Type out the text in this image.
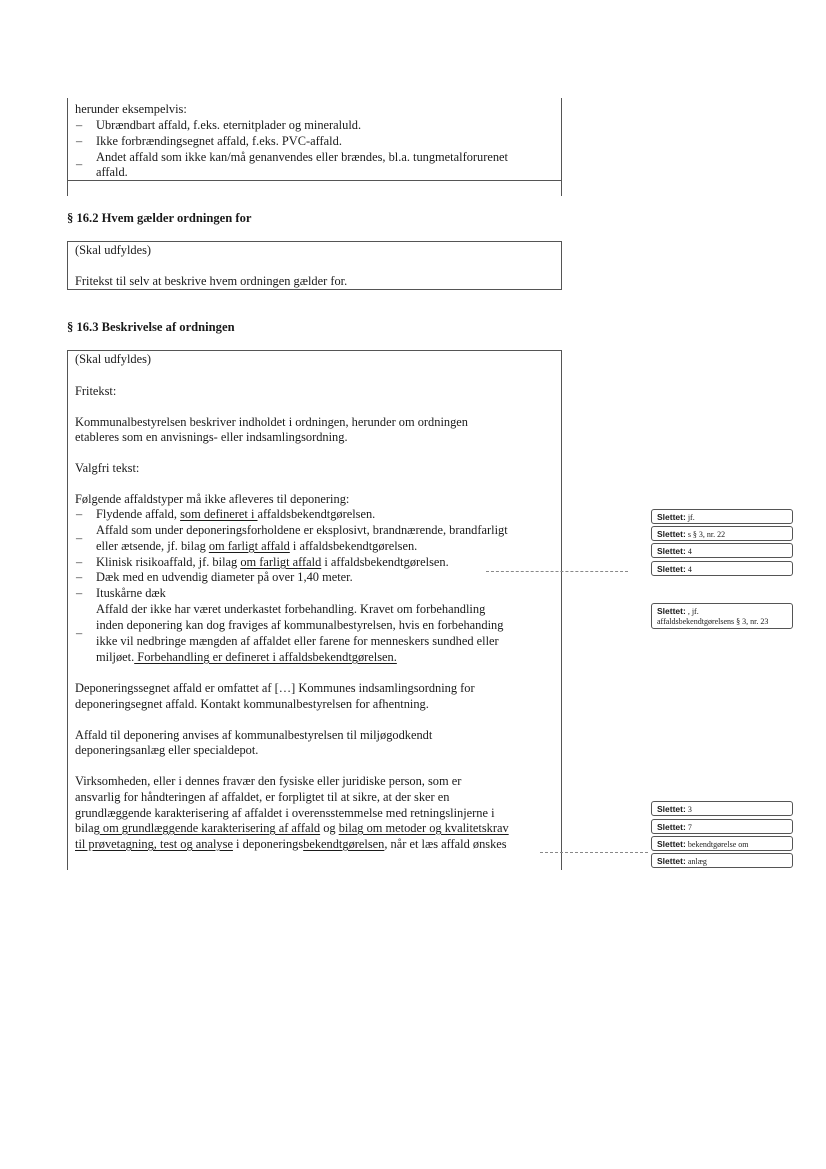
herunder eksempelvis:
– Ubrændbart affald, f.eks. eternitplader og mineraluld.
– Ikke forbrændingsegnet affald, f.eks. PVC-affald.
– Andet affald som ikke kan/må genanvendes eller brændes, bl.a. tungmetalforurenet
affald.
§ 16.2 Hvem gælder ordningen for
(Skal udfyldes)
Fritekst til selv at beskrive hvem ordningen gælder for.
§ 16.3 Beskrivelse af ordningen
(Skal udfyldes)
Fritekst:
Kommunalbestyrelsen beskriver indholdet i ordningen, herunder om ordningen
etableres som en anvisnings- eller indsamlingsordning.
Valgfri tekst:
Følgende affaldstyper må ikke afleveres til deponering:
– Flydende affald, som defineret i affaldsbekendtgørelsen.
–
Affald som under deponeringsforholdene er eksplosivt, brandnærende, brandfarligt
eller ætsende, jf. bilag om farligt affald i affaldsbekendtgørelsen.
– Klinisk risikoaffald, jf. bilag om farligt affald i affaldsbekendtgørelsen.
– Dæk med en udvendig diameter på over 1,40 meter.
– Ituskårne dæk
–
Affald der ikke har været underkastet forbehandling. Kravet om forbehandling
inden deponering kan dog fraviges af kommunalbestyrelsen, hvis en forbehanding
ikke vil nedbringe mængden af affaldet eller farene for menneskers sundhed eller
miljøet. Forbehandling er defineret i affaldsbekendtgørelsen.
Deponeringssegnet affald er omfattet af […] Kommunes indsamlingsordning for
deponeringsegnet affald. Kontakt kommunalbestyrelsen for afhentning.
Affald til deponering anvises af kommunalbestyrelsen til miljøgodkendt
deponeringsanlæg eller specialdepot.
Virksomheden, eller i dennes fravær den fysiske eller juridiske person, som er
ansvarlig for håndteringen af affaldet, er forpligtet til at sikre, at der sker en
grundlæggende karakterisering af affaldet i overensstemmelse med retningslinjerne i
bilag om grundlæggende karakterisering af affald og bilag om metoder og kvalitetskrav
til prøvetagning, test og analyse i deponeringsbekendtgørelsen, når et læs affald ønskes
Slettet: jf.
Slettet: s § 3, nr. 22
Slettet: 4
Slettet: 4
Slettet: , jf.
affaldsbekendtgørelsens § 3, nr. 23
Slettet: 3
Slettet: 7
Slettet: bekendtgørelse om
Slettet: anlæg
